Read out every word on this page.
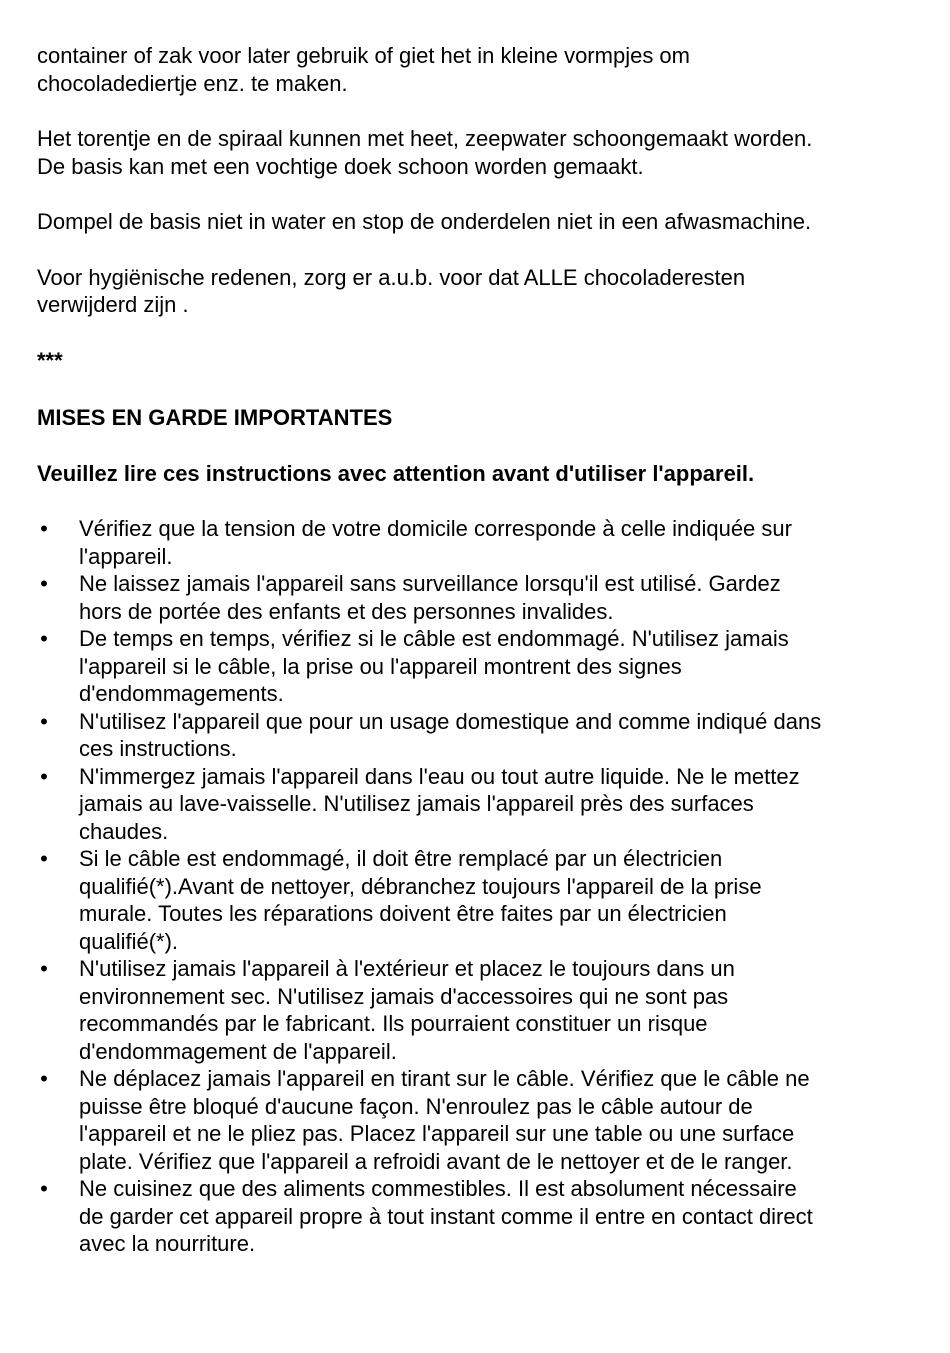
container of zak voor later gebruik of giet het in kleine vormpjes om
chocoladediertje enz. te maken.

Het torentje en de spiraal kunnen met heet, zeepwater schoongemaakt worden.
De basis kan met een vochtige doek schoon worden gemaakt.

Dompel de basis niet in water en stop de onderdelen niet in een afwasmachine.

Voor hygiënische redenen, zorg er a.u.b. voor dat ALLE chocoladeresten
verwijderd zijn .

***

MISES EN GARDE IMPORTANTES

Veuillez lire ces instructions avec attention avant d'utiliser l'appareil.

• Vérifiez que la tension de votre domicile corresponde à celle indiquée sur
l'appareil.
• Ne laissez jamais l'appareil sans surveillance lorsqu'il est utilisé. Gardez
hors de portée des enfants et des personnes invalides.
• De temps en temps, vérifiez si le câble est endommagé. N'utilisez jamais
l'appareil si le câble, la prise ou l'appareil montrent des signes
d'endommagements.
• N'utilisez l'appareil que pour un usage domestique and comme indiqué dans
ces instructions.
• N'immergez jamais l'appareil dans l'eau ou tout autre liquide. Ne le mettez
jamais au lave-vaisselle. N'utilisez jamais l'appareil près des surfaces
chaudes.
• Si le câble est endommagé, il doit être remplacé par un électricien
qualifié(*).Avant de nettoyer, débranchez toujours l'appareil de la prise
murale. Toutes les réparations doivent être faites par un électricien
qualifié(*).
• N'utilisez jamais l'appareil à l'extérieur et placez le toujours dans un
environnement sec. N'utilisez jamais d'accessoires qui ne sont pas
recommandés par le fabricant. Ils pourraient constituer un risque
d'endommagement de l'appareil.
• Ne déplacez jamais l'appareil en tirant sur le câble. Vérifiez que le câble ne
puisse être bloqué d'aucune façon. N'enroulez pas le câble autour de
l'appareil et ne le pliez pas. Placez l'appareil sur une table ou une surface
plate. Vérifiez que l'appareil a refroidi avant de le nettoyer et de le ranger.
• Ne cuisinez que des aliments commestibles. Il est absolument nécessaire
de garder cet appareil propre à tout instant comme il entre en contact direct
avec la nourriture.
